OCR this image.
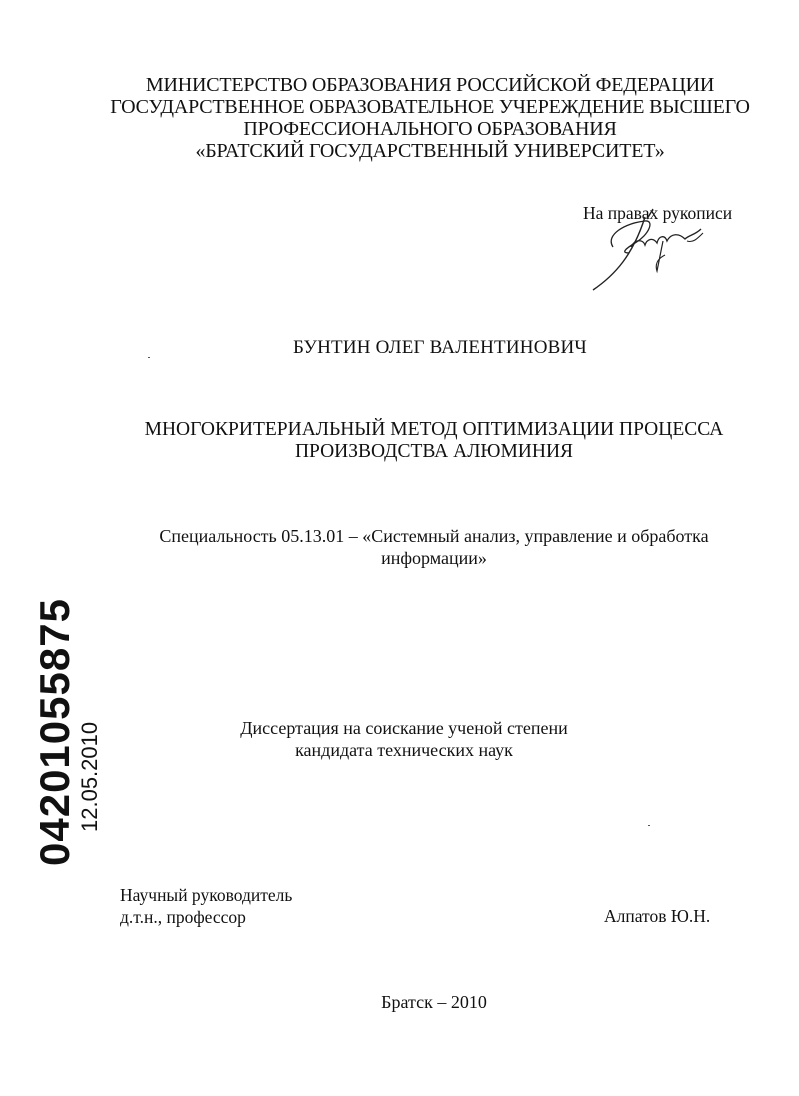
МИНИСТЕРСТВО ОБРАЗОВАНИЯ РОССИЙСКОЙ ФЕДЕРАЦИИ
ГОСУДАРСТВЕННОЕ ОБРАЗОВАТЕЛЬНОЕ УЧЕРЕЖДЕНИЕ ВЫСШЕГО
ПРОФЕССИОНАЛЬНОГО ОБРАЗОВАНИЯ
«БРАТСКИЙ ГОСУДАРСТВЕННЫЙ УНИВЕРСИТЕТ»
На правах рукописи
БУНТИН ОЛЕГ ВАЛЕНТИНОВИЧ
МНОГОКРИТЕРИАЛЬНЫЙ МЕТОД ОПТИМИЗАЦИИ ПРОЦЕССА
ПРОИЗВОДСТВА АЛЮМИНИЯ
Специальность 05.13.01 – «Системный анализ, управление и обработка
информации»
Диссертация на соискание ученой степени
кандидата технических наук
Научный руководитель
д.т.н., профессор	Алпатов Ю.Н.
Братск – 2010
04201055875 12.05.2010
